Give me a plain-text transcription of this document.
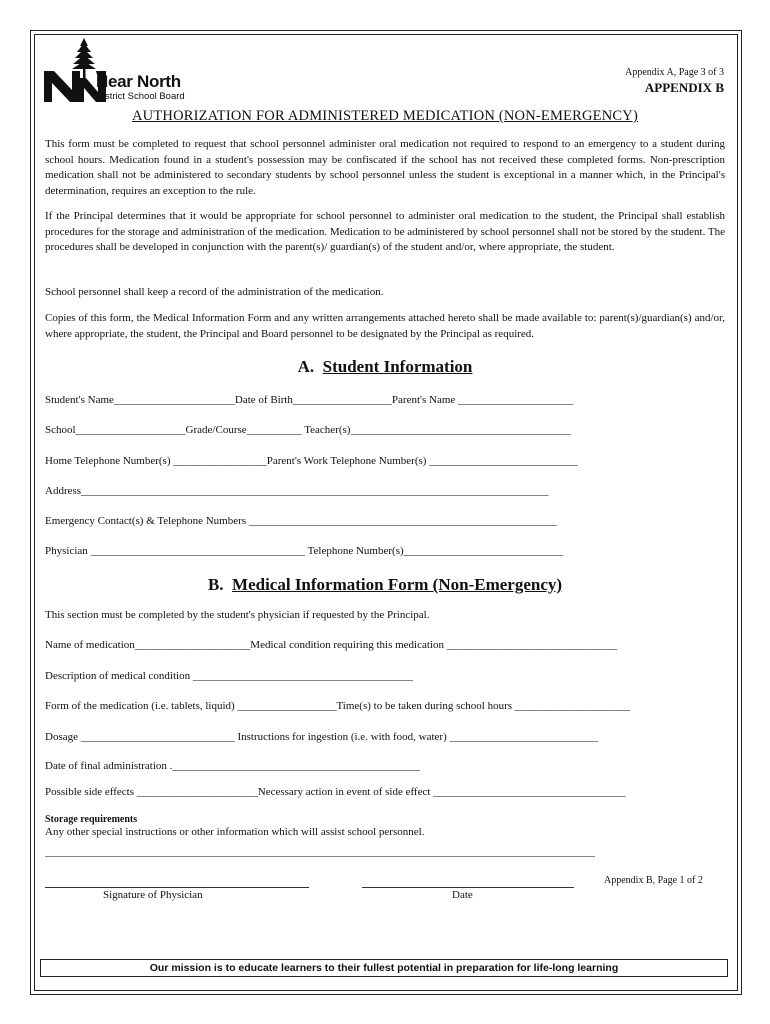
Near North
District School Board
Appendix A, Page 3 of 3
APPENDIX B
AUTHORIZATION FOR ADMINISTERED MEDICATION (NON-EMERGENCY)
This form must be completed to request that school personnel administer oral medication not required to respond to an emergency to a student during school hours. Medication found in a student's possession may be confiscated if the school has not received these completed forms. Non-prescription medication shall not be administered to secondary students by school personnel unless the student is exceptional in a manner which, in the Principal's determination, requires an exception to the rule.
If the Principal determines that it would be appropriate for school personnel to administer oral medication to the student, the Principal shall establish procedures for the storage and administration of the medication. Medication to be administered by school personnel shall not be stored by the student. The procedures shall be developed in conjunction with the parent(s)/ guardian(s) of the student and/or, where appropriate, the student.
School personnel shall keep a record of the administration of the medication.
Copies of this form, the Medical Information Form and any written arrangements attached hereto shall be made available to: parent(s)/guardian(s) and/or, where appropriate, the student, the Principal and Board personnel to be designated by the Principal as required.
A. Student Information
Student's Name______________________Date of Birth__________________Parent's Name _____________________
School____________________Grade/Course__________ Teacher(s)________________________________________
Home Telephone Number(s) _________________Parent's Work Telephone Number(s) ___________________________
Address_____________________________________________________________________________________
Emergency Contact(s) & Telephone Numbers ________________________________________________________
Physician _______________________________________ Telephone Number(s)_____________________________
B. Medical Information Form (Non-Emergency)
This section must be completed by the student's physician if requested by the Principal.
Name of medication_____________________Medical condition requiring this medication _______________________________
Description of medical condition ________________________________________
Form of the medication (i.e. tablets, liquid) __________________Time(s) to be taken during school hours _____________________
Dosage ____________________________ Instructions for ingestion (i.e. with food, water) ___________________________
Date of final administration ._____________________________________________
Possible side effects ______________________Necessary action in event of side effect ___________________________________
Storage requirements
Any other special instructions or other information which will assist school personnel.
____________________________________________________________________________________________________
Signature of Physician	Date
Appendix B, Page 1 of 2
Our mission is to educate learners to their fullest potential in preparation for life-long learning
